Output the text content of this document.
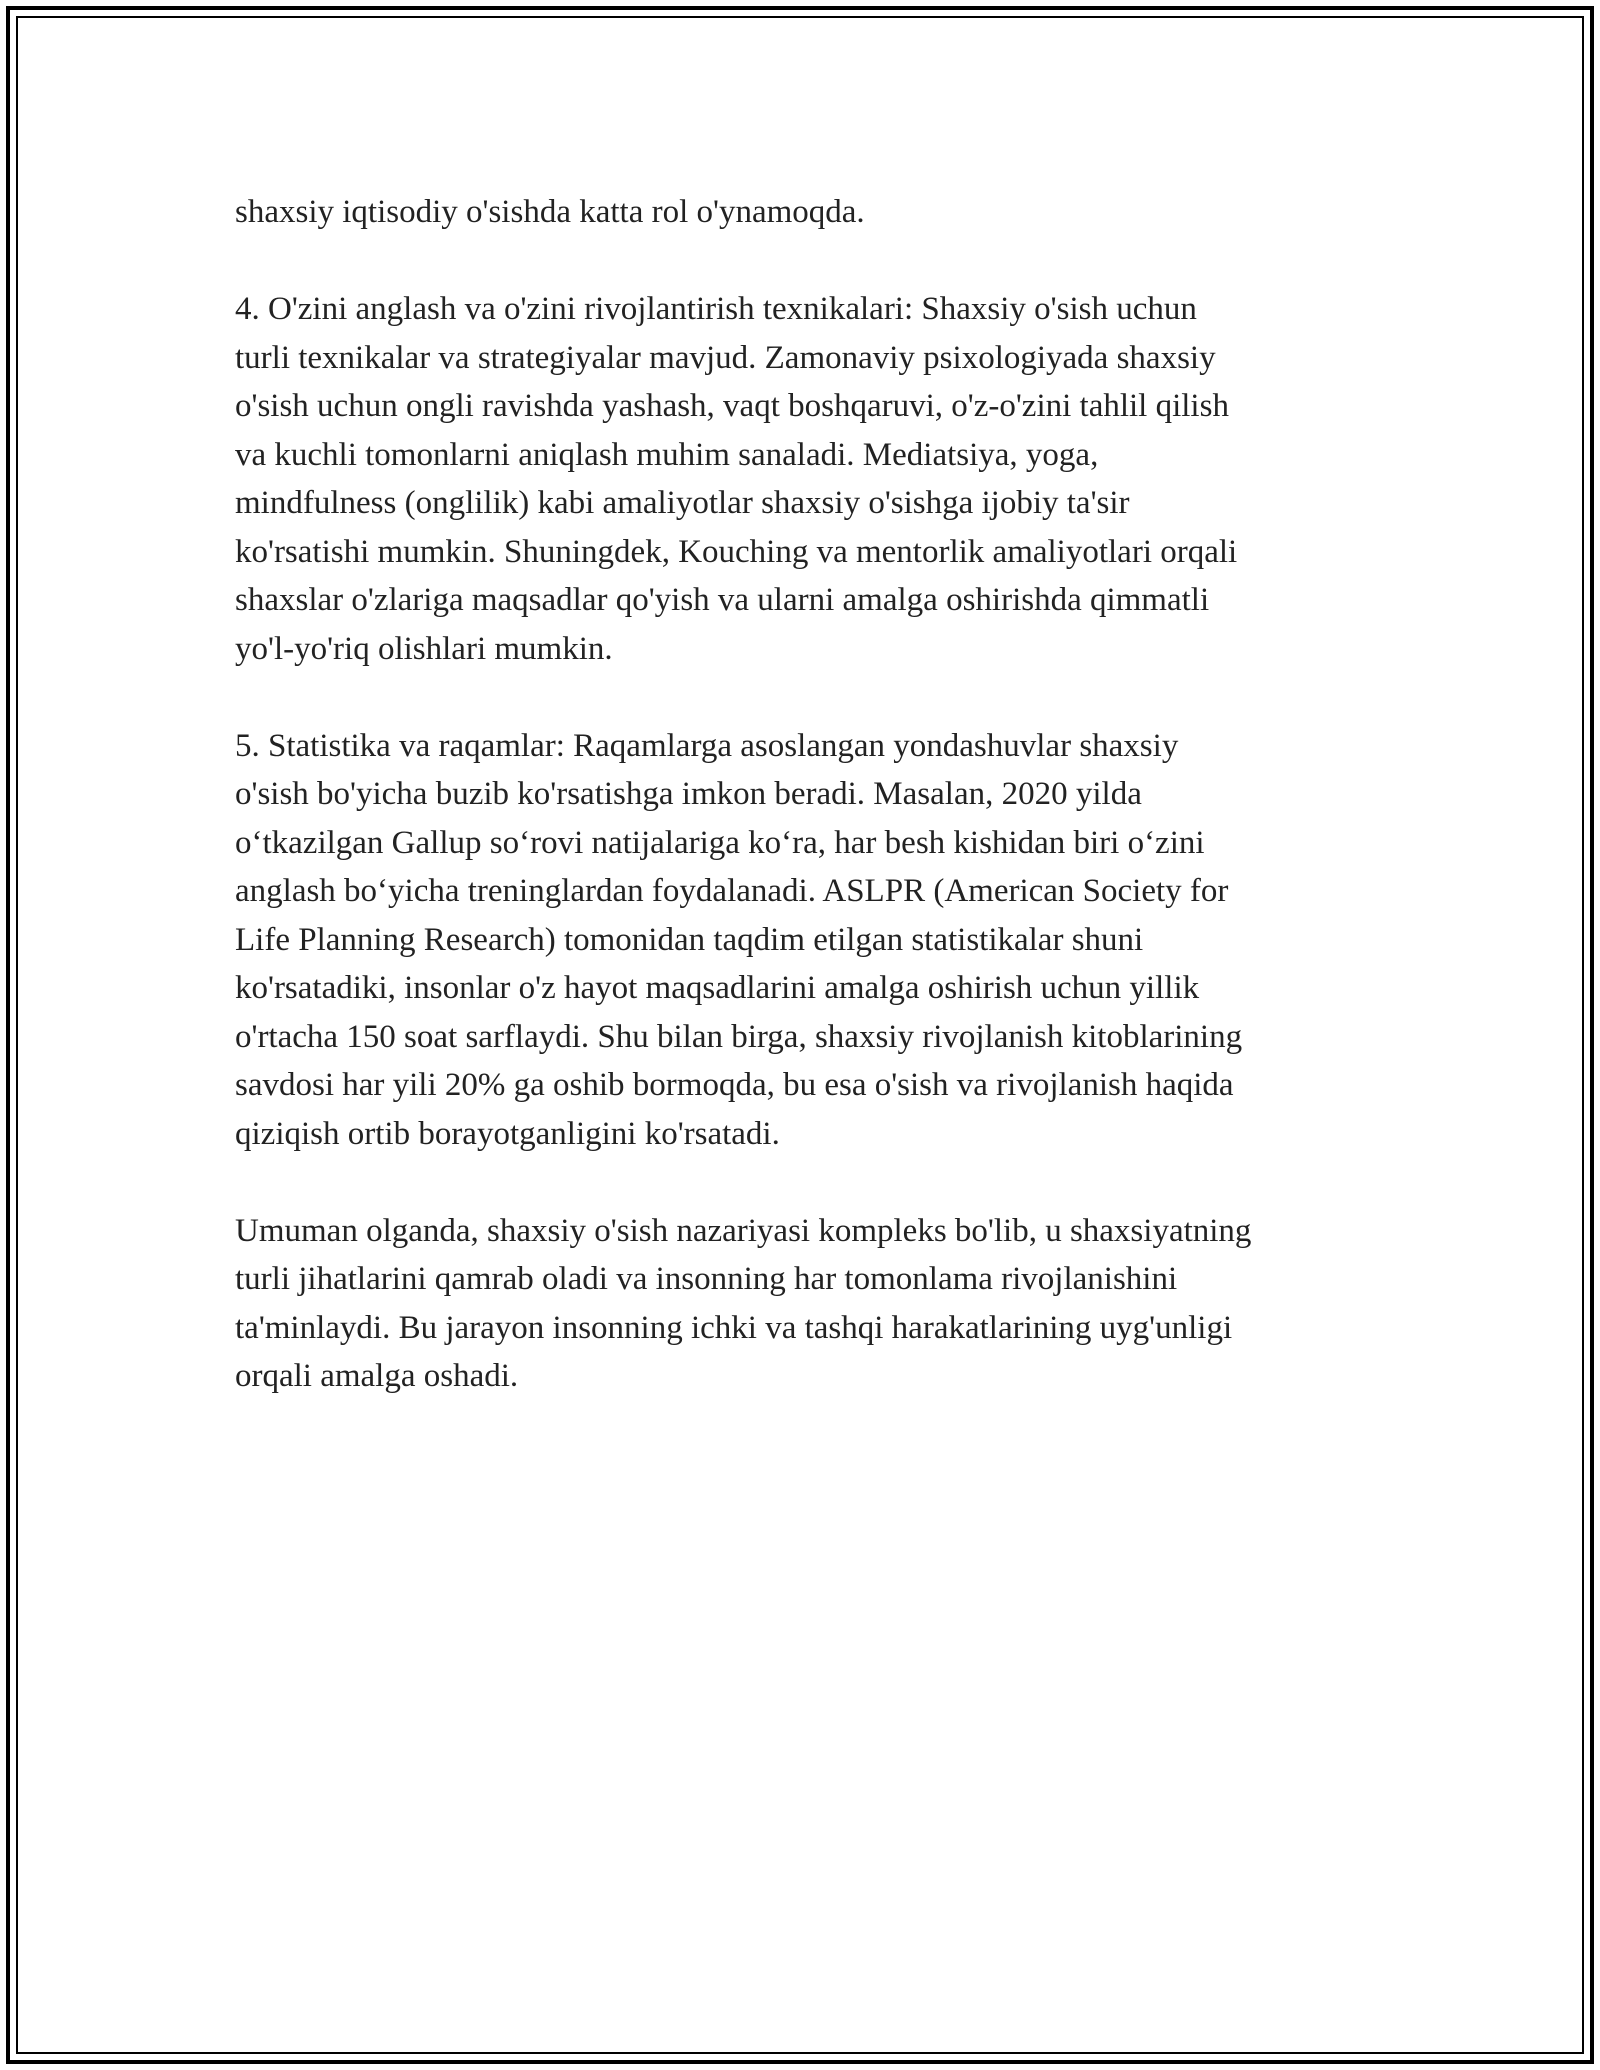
shaxsiy iqtisodiy o'sishda katta rol o'ynamoqda.

4. O'zini anglash va o'zini rivojlantirish texnikalari: Shaxsiy o'sish uchun
turli texnikalar va strategiyalar mavjud. Zamonaviy psixologiyada shaxsiy
o'sish uchun ongli ravishda yashash, vaqt boshqaruvi, o'z-o'zini tahlil qilish
va kuchli tomonlarni aniqlash muhim sanaladi. Mediatsiya, yoga,
mindfulness (onglilik) kabi amaliyotlar shaxsiy o'sishga ijobiy ta'sir
ko'rsatishi mumkin. Shuningdek, Kouching va mentorlik amaliyotlari orqali
shaxslar o'zlariga maqsadlar qo'yish va ularni amalga oshirishda qimmatli
yo'l-yo'riq olishlari mumkin.

5. Statistika va raqamlar: Raqamlarga asoslangan yondashuvlar shaxsiy
o'sish bo'yicha buzib ko'rsatishga imkon beradi. Masalan, 2020 yilda
o‘tkazilgan Gallup so‘rovi natijalariga ko‘ra, har besh kishidan biri o‘zini
anglash bo‘yicha treninglardan foydalanadi. ASLPR (American Society for
Life Planning Research) tomonidan taqdim etilgan statistikalar shuni
ko'rsatadiki, insonlar o'z hayot maqsadlarini amalga oshirish uchun yillik
o'rtacha 150 soat sarflaydi. Shu bilan birga, shaxsiy rivojlanish kitoblarining
savdosi har yili 20% ga oshib bormoqda, bu esa o'sish va rivojlanish haqida
qiziqish ortib borayotganligini ko'rsatadi.

Umuman olganda, shaxsiy o'sish nazariyasi kompleks bo'lib, u shaxsiyatning
turli jihatlarini qamrab oladi va insonning har tomonlama rivojlanishini
ta'minlaydi. Bu jarayon insonning ichki va tashqi harakatlarining uyg'unligi
orqali amalga oshadi.
